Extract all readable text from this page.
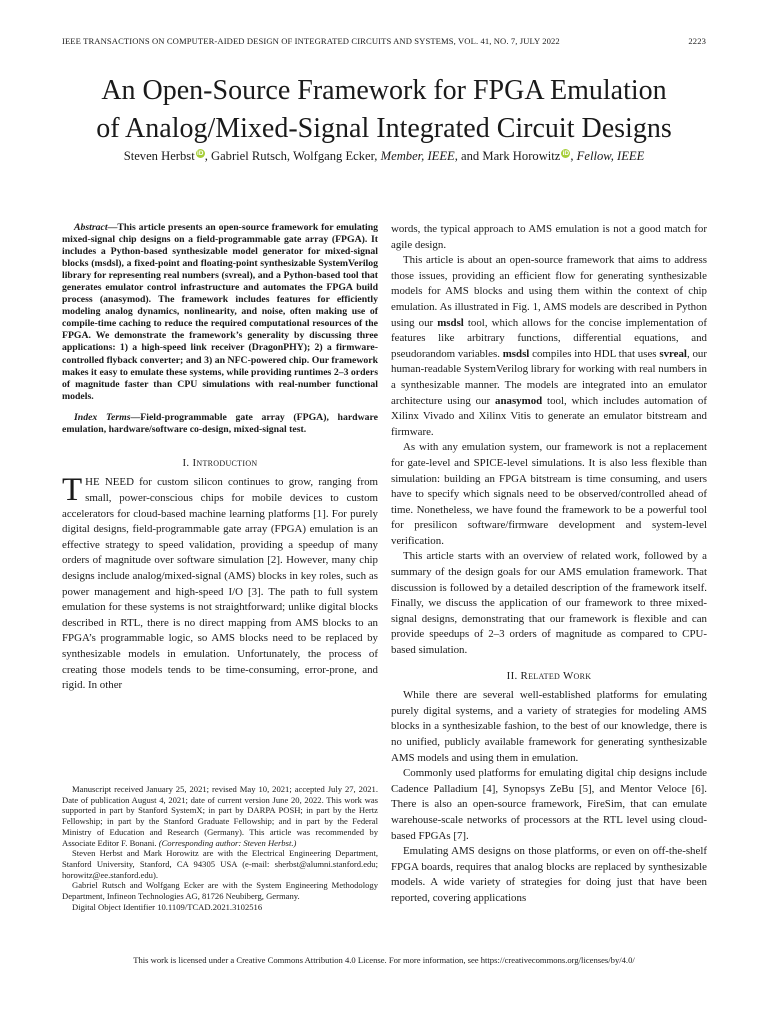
IEEE TRANSACTIONS ON COMPUTER-AIDED DESIGN OF INTEGRATED CIRCUITS AND SYSTEMS, VOL. 41, NO. 7, JULY 2022	2223
An Open-Source Framework for FPGA Emulation
of Analog/Mixed-Signal Integrated Circuit Designs
Steven Herbst iD, Gabriel Rutsch, Wolfgang Ecker, Member, IEEE, and Mark Horowitz iD, Fellow, IEEE
Abstract—This article presents an open-source framework for emulating mixed-signal chip designs on a field-programmable gate array (FPGA). It includes a Python-based synthesizable model generator for mixed-signal blocks (msdsl), a fixed-point and floating-point synthesizable SystemVerilog library for representing real numbers (svreal), and a Python-based tool that generates emulator control infrastructure and automates the FPGA build process (anasymod). The framework includes features for efficiently modeling analog dynamics, nonlinearity, and noise, often making use of compile-time caching to reduce the required computational resources of the FPGA. We demonstrate the framework’s generality by discussing three applications: 1) a high-speed link receiver (DragonPHY); 2) a firmware-controlled flyback converter; and 3) an NFC-powered chip. Our framework makes it easy to emulate these systems, while providing runtimes 2–3 orders of magnitude faster than CPU simulations with real-number functional models.
Index Terms—Field-programmable gate array (FPGA), hardware emulation, hardware/software co-design, mixed-signal test.
I. Introduction

THE NEED for custom silicon continues to grow, ranging from small, power-conscious chips for mobile devices to custom accelerators for cloud-based machine learning platforms [1]. For purely digital designs, field-programmable gate array (FPGA) emulation is an effective strategy to speed validation, providing a speedup of many orders of magnitude over software simulation [2]. However, many chip designs include analog/mixed-signal (AMS) blocks in key roles, such as power management and high-speed I/O [3]. The path to full system emulation for these systems is not straightforward; unlike digital blocks described in RTL, there is no direct mapping from AMS blocks to an FPGA’s programmable logic, so AMS blocks need to be replaced by synthesizable models in emulation. Unfortunately, the process of creating those models tends to be time-consuming, error-prone, and rigid. In other

Manuscript received January 25, 2021; revised May 10, 2021; accepted July 27, 2021. Date of publication August 4, 2021; date of current version June 20, 2022. This work was supported in part by Stanford SystemX; in part by DARPA POSH; in part by the Hertz Fellowship; in part by the Stanford Graduate Fellowship; and in part by the Federal Ministry of Education and Research (Germany). This article was recommended by Associate Editor F. Bonani. (Corresponding author: Steven Herbst.)

Steven Herbst and Mark Horowitz are with the Electrical Engineering Department, Stanford University, Stanford, CA 94305 USA (e-mail: sherbst@alumni.stanford.edu; horowitz@ee.stanford.edu).

Gabriel Rutsch and Wolfgang Ecker are with the System Engineering Methodology Department, Infineon Technologies AG, 81726 Neubiberg, Germany.

Digital Object Identifier 10.1109/TCAD.2021.3102516

words, the typical approach to AMS emulation is not a good match for agile design.

This article is about an open-source framework that aims to address those issues, providing an efficient flow for generating synthesizable models for AMS blocks and using them within the context of chip emulation. As illustrated in Fig. 1, AMS models are described in Python using our msdsl tool, which allows for the concise implementation of features like arbitrary functions, differential equations, and pseudorandom variables. msdsl compiles into HDL that uses svreal, our human-readable SystemVerilog library for working with real numbers in a synthesizable manner. The models are integrated into an emulator architecture using our anasymod tool, which includes automation of Xilinx Vivado and Xilinx Vitis to generate an emulator bitstream and firmware.

As with any emulation system, our framework is not a replacement for gate-level and SPICE-level simulations. It is also less flexible than simulation: building an FPGA bitstream is time consuming, and users have to specify which signals need to be observed/controlled ahead of time. Nonetheless, we have found the framework to be a powerful tool for presilicon software/firmware development and system-level verification.

This article starts with an overview of related work, followed by a summary of the design goals for our AMS emulation framework. That discussion is followed by a detailed description of the framework itself. Finally, we discuss the application of our framework to three mixed-signal designs, demonstrating that our framework is flexible and can provide speedups of 2–3 orders of magnitude as compared to CPU-based simulation.

II. Related Work

While there are several well-established platforms for emulating purely digital systems, and a variety of strategies for modeling AMS blocks in a synthesizable fashion, to the best of our knowledge, there is no unified, publicly available framework for generating synthesizable AMS models and using them in emulation.

Commonly used platforms for emulating digital chip designs include Cadence Palladium [4], Synopsys ZeBu [5], and Mentor Veloce [6]. There is also an open-source framework, FireSim, that can emulate warehouse-scale networks of processors at the RTL level using cloud-based FPGAs [7].

Emulating AMS designs on those platforms, or even on off-the-shelf FPGA boards, requires that analog blocks are replaced by synthesizable models. A wide variety of strategies for doing just that have been reported, covering applications

This work is licensed under a Creative Commons Attribution 4.0 License. For more information, see https://creativecommons.org/licenses/by/4.0/
